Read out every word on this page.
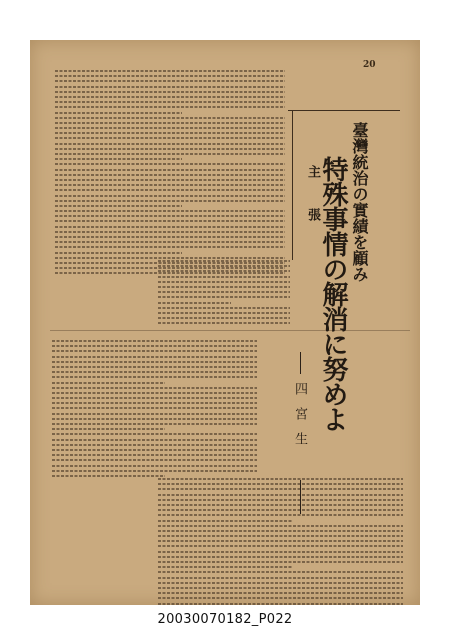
20
主張 臺灣統治の實績を顧み
特殊事情の解消に努めよ
四宮生
20030070182_P022
